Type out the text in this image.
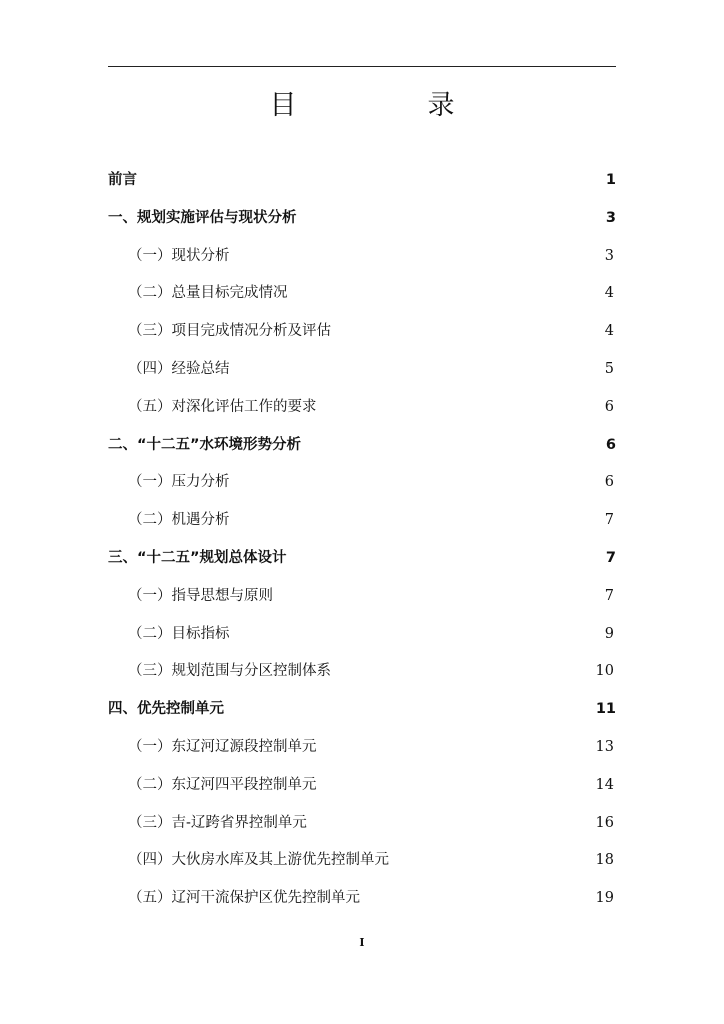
目　录
前言 . . .	1
一、规划实施评估与现状分析 . . .	3
（一）现状分析 . . .	3
（二）总量目标完成情况 . . .	4
（三）项目完成情况分析及评估 . . .	4
（四）经验总结 . . .	5
（五）对深化评估工作的要求 . . .	6
二、“十二五”水环境形势分析 . . .	6
（一）压力分析 . . .	6
（二）机遇分析 . . .	7
三、“十二五”规划总体设计 . . .	7
（一）指导思想与原则 . . .	7
（二）目标指标 . . .	9
（三）规划范围与分区控制体系 . . .	10
四、优先控制单元 . . .	11
（一）东辽河辽源段控制单元 . . .	13
（二）东辽河四平段控制单元 . . .	14
（三）吉-辽跨省界控制单元 . . .	16
（四）大伙房水库及其上游优先控制单元 . . .	18
（五）辽河干流保护区优先控制单元 . . .	19
I
